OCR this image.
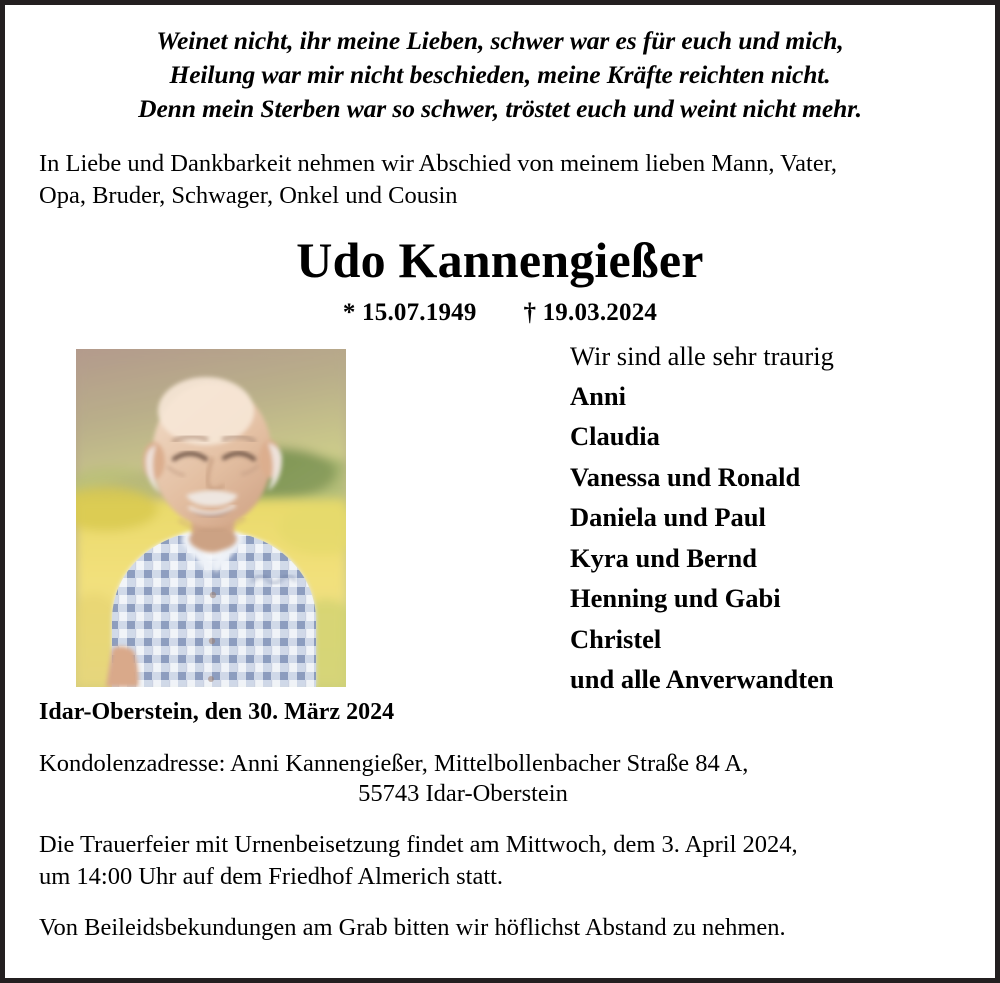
Weinet nicht, ihr meine Lieben, schwer war es für euch und mich,
Heilung war mir nicht beschieden, meine Kräfte reichten nicht.
Denn mein Sterben war so schwer, tröstet euch und weint nicht mehr.
In Liebe und Dankbarkeit nehmen wir Abschied von meinem lieben Mann, Vater,
Opa, Bruder, Schwager, Onkel und Cousin
Udo Kannengießer
* 15.07.1949 † 19.03.2024
Wir sind alle sehr traurig
Anni
Claudia
Vanessa und Ronald
Daniela und Paul
Kyra und Bernd
Henning und Gabi
Christel
und alle Anverwandten
Idar-Oberstein, den 30. März 2024
Kondolenzadresse: Anni Kannengießer, Mittelbollenbacher Straße 84 A,
55743 Idar-Oberstein
Die Trauerfeier mit Urnenbeisetzung findet am Mittwoch, dem 3. April 2024,
um 14:00 Uhr auf dem Friedhof Almerich statt.
Von Beileidsbekundungen am Grab bitten wir höflichst Abstand zu nehmen.
